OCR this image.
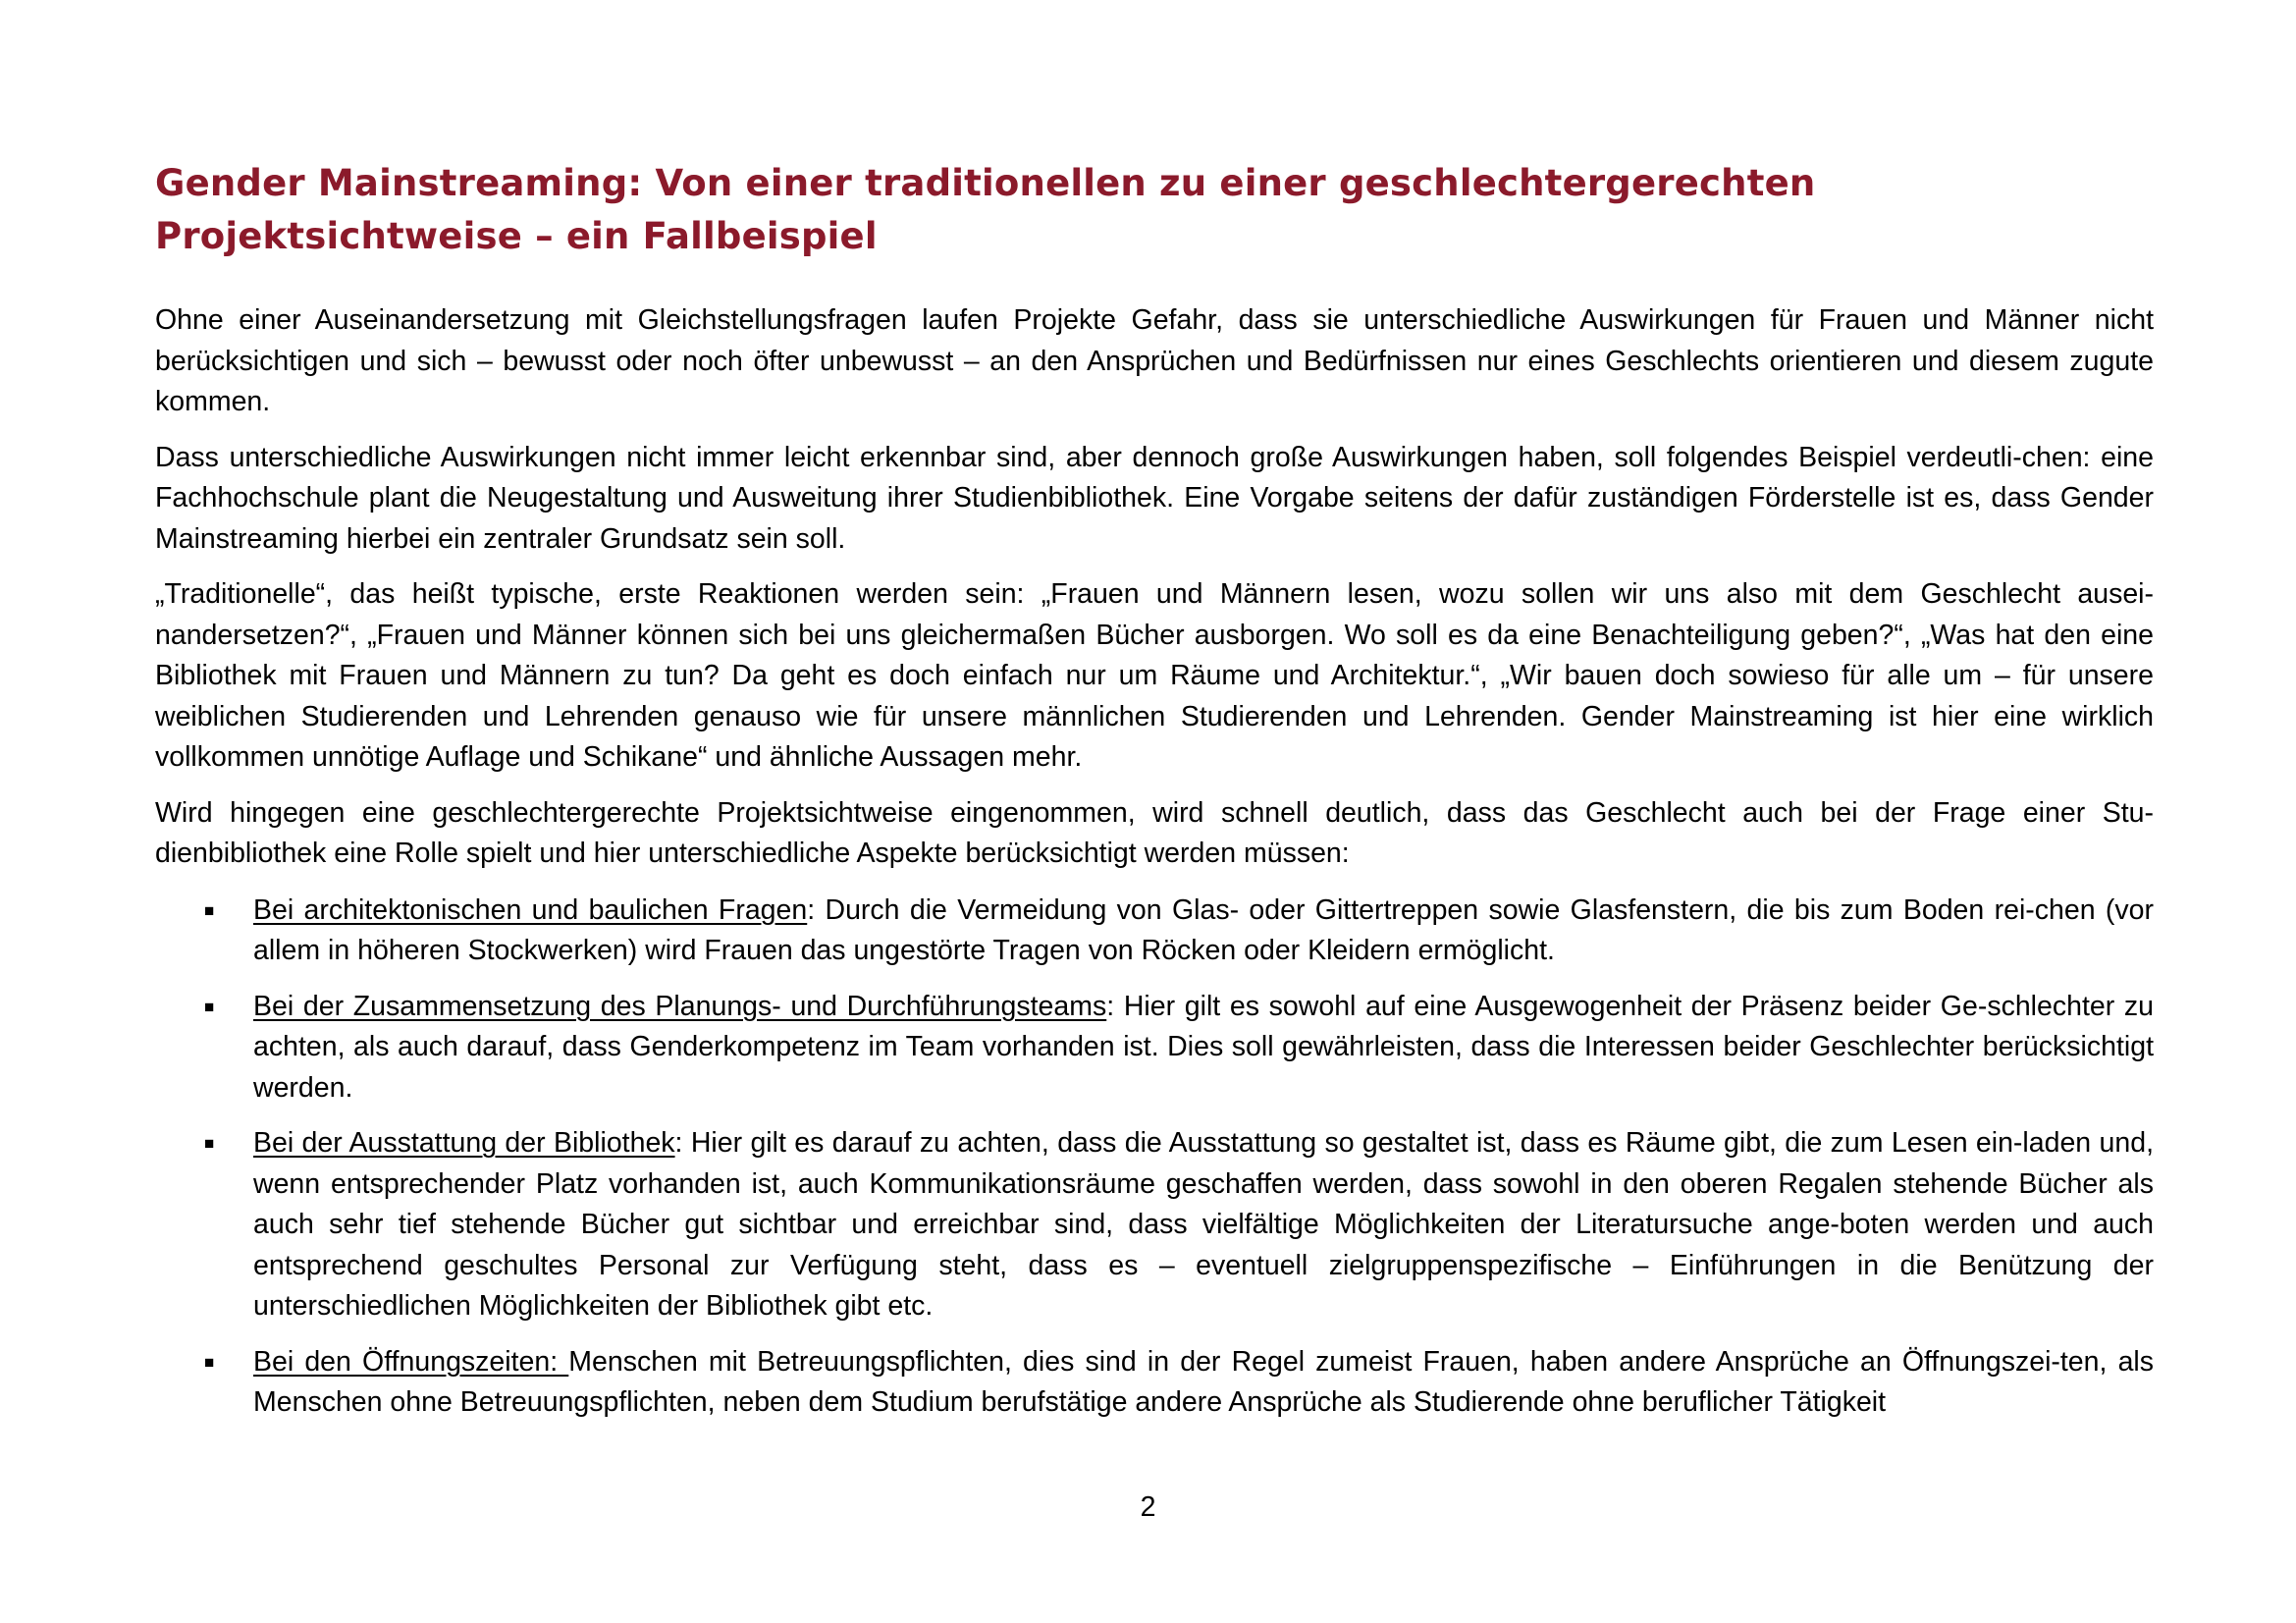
Gender Mainstreaming: Von einer traditionellen zu einer geschlechtergerechten
Projektsichtweise – ein Fallbeispiel

Ohne einer Auseinandersetzung mit Gleichstellungsfragen laufen Projekte Gefahr, dass sie unterschiedliche Auswirkungen für Frauen und Männer nicht berücksichtigen und sich – bewusst oder noch öfter unbewusst – an den Ansprüchen und Bedürfnissen nur eines Geschlechts orientieren und diesem zugute kommen.

Dass unterschiedliche Auswirkungen nicht immer leicht erkennbar sind, aber dennoch große Auswirkungen haben, soll folgendes Beispiel verdeutli-chen: eine Fachhochschule plant die Neugestaltung und Ausweitung ihrer Studienbibliothek. Eine Vorgabe seitens der dafür zuständigen Förderstelle ist es, dass Gender Mainstreaming hierbei ein zentraler Grundsatz sein soll.

„Traditionelle“, das heißt typische, erste Reaktionen werden sein: „Frauen und Männern lesen, wozu sollen wir uns also mit dem Geschlecht ausei-nandersetzen?“, „Frauen und Männer können sich bei uns gleichermaßen Bücher ausborgen. Wo soll es da eine Benachteiligung geben?“, „Was hat den eine Bibliothek mit Frauen und Männern zu tun? Da geht es doch einfach nur um Räume und Architektur.“, „Wir bauen doch sowieso für alle um – für unsere weiblichen Studierenden und Lehrenden genauso wie für unsere männlichen Studierenden und Lehrenden. Gender Mainstreaming ist hier eine wirklich vollkommen unnötige Auflage und Schikane“ und ähnliche Aussagen mehr.

Wird hingegen eine geschlechtergerechte Projektsichtweise eingenommen, wird schnell deutlich, dass das Geschlecht auch bei der Frage einer Stu-dienbibliothek eine Rolle spielt und hier unterschiedliche Aspekte berücksichtigt werden müssen:

■ Bei architektonischen und baulichen Fragen: Durch die Vermeidung von Glas- oder Gittertreppen sowie Glasfenstern, die bis zum Boden rei-chen (vor allem in höheren Stockwerken) wird Frauen das ungestörte Tragen von Röcken oder Kleidern ermöglicht.
■ Bei der Zusammensetzung des Planungs- und Durchführungsteams: Hier gilt es sowohl auf eine Ausgewogenheit der Präsenz beider Ge-schlechter zu achten, als auch darauf, dass Genderkompetenz im Team vorhanden ist. Dies soll gewährleisten, dass die Interessen beider Geschlechter berücksichtigt werden.
■ Bei der Ausstattung der Bibliothek: Hier gilt es darauf zu achten, dass die Ausstattung so gestaltet ist, dass es Räume gibt, die zum Lesen ein-laden und, wenn entsprechender Platz vorhanden ist, auch Kommunikationsräume geschaffen werden, dass sowohl in den oberen Regalen stehende Bücher als auch sehr tief stehende Bücher gut sichtbar und erreichbar sind, dass vielfältige Möglichkeiten der Literatursuche ange-boten werden und auch entsprechend geschultes Personal zur Verfügung steht, dass es – eventuell zielgruppenspezifische – Einführungen in die Benützung der unterschiedlichen Möglichkeiten der Bibliothek gibt etc.
■ Bei den Öffnungszeiten: Menschen mit Betreuungspflichten, dies sind in der Regel zumeist Frauen, haben andere Ansprüche an Öffnungszei-ten, als Menschen ohne Betreuungspflichten, neben dem Studium berufstätige andere Ansprüche als Studierende ohne beruflicher Tätigkeit
2
